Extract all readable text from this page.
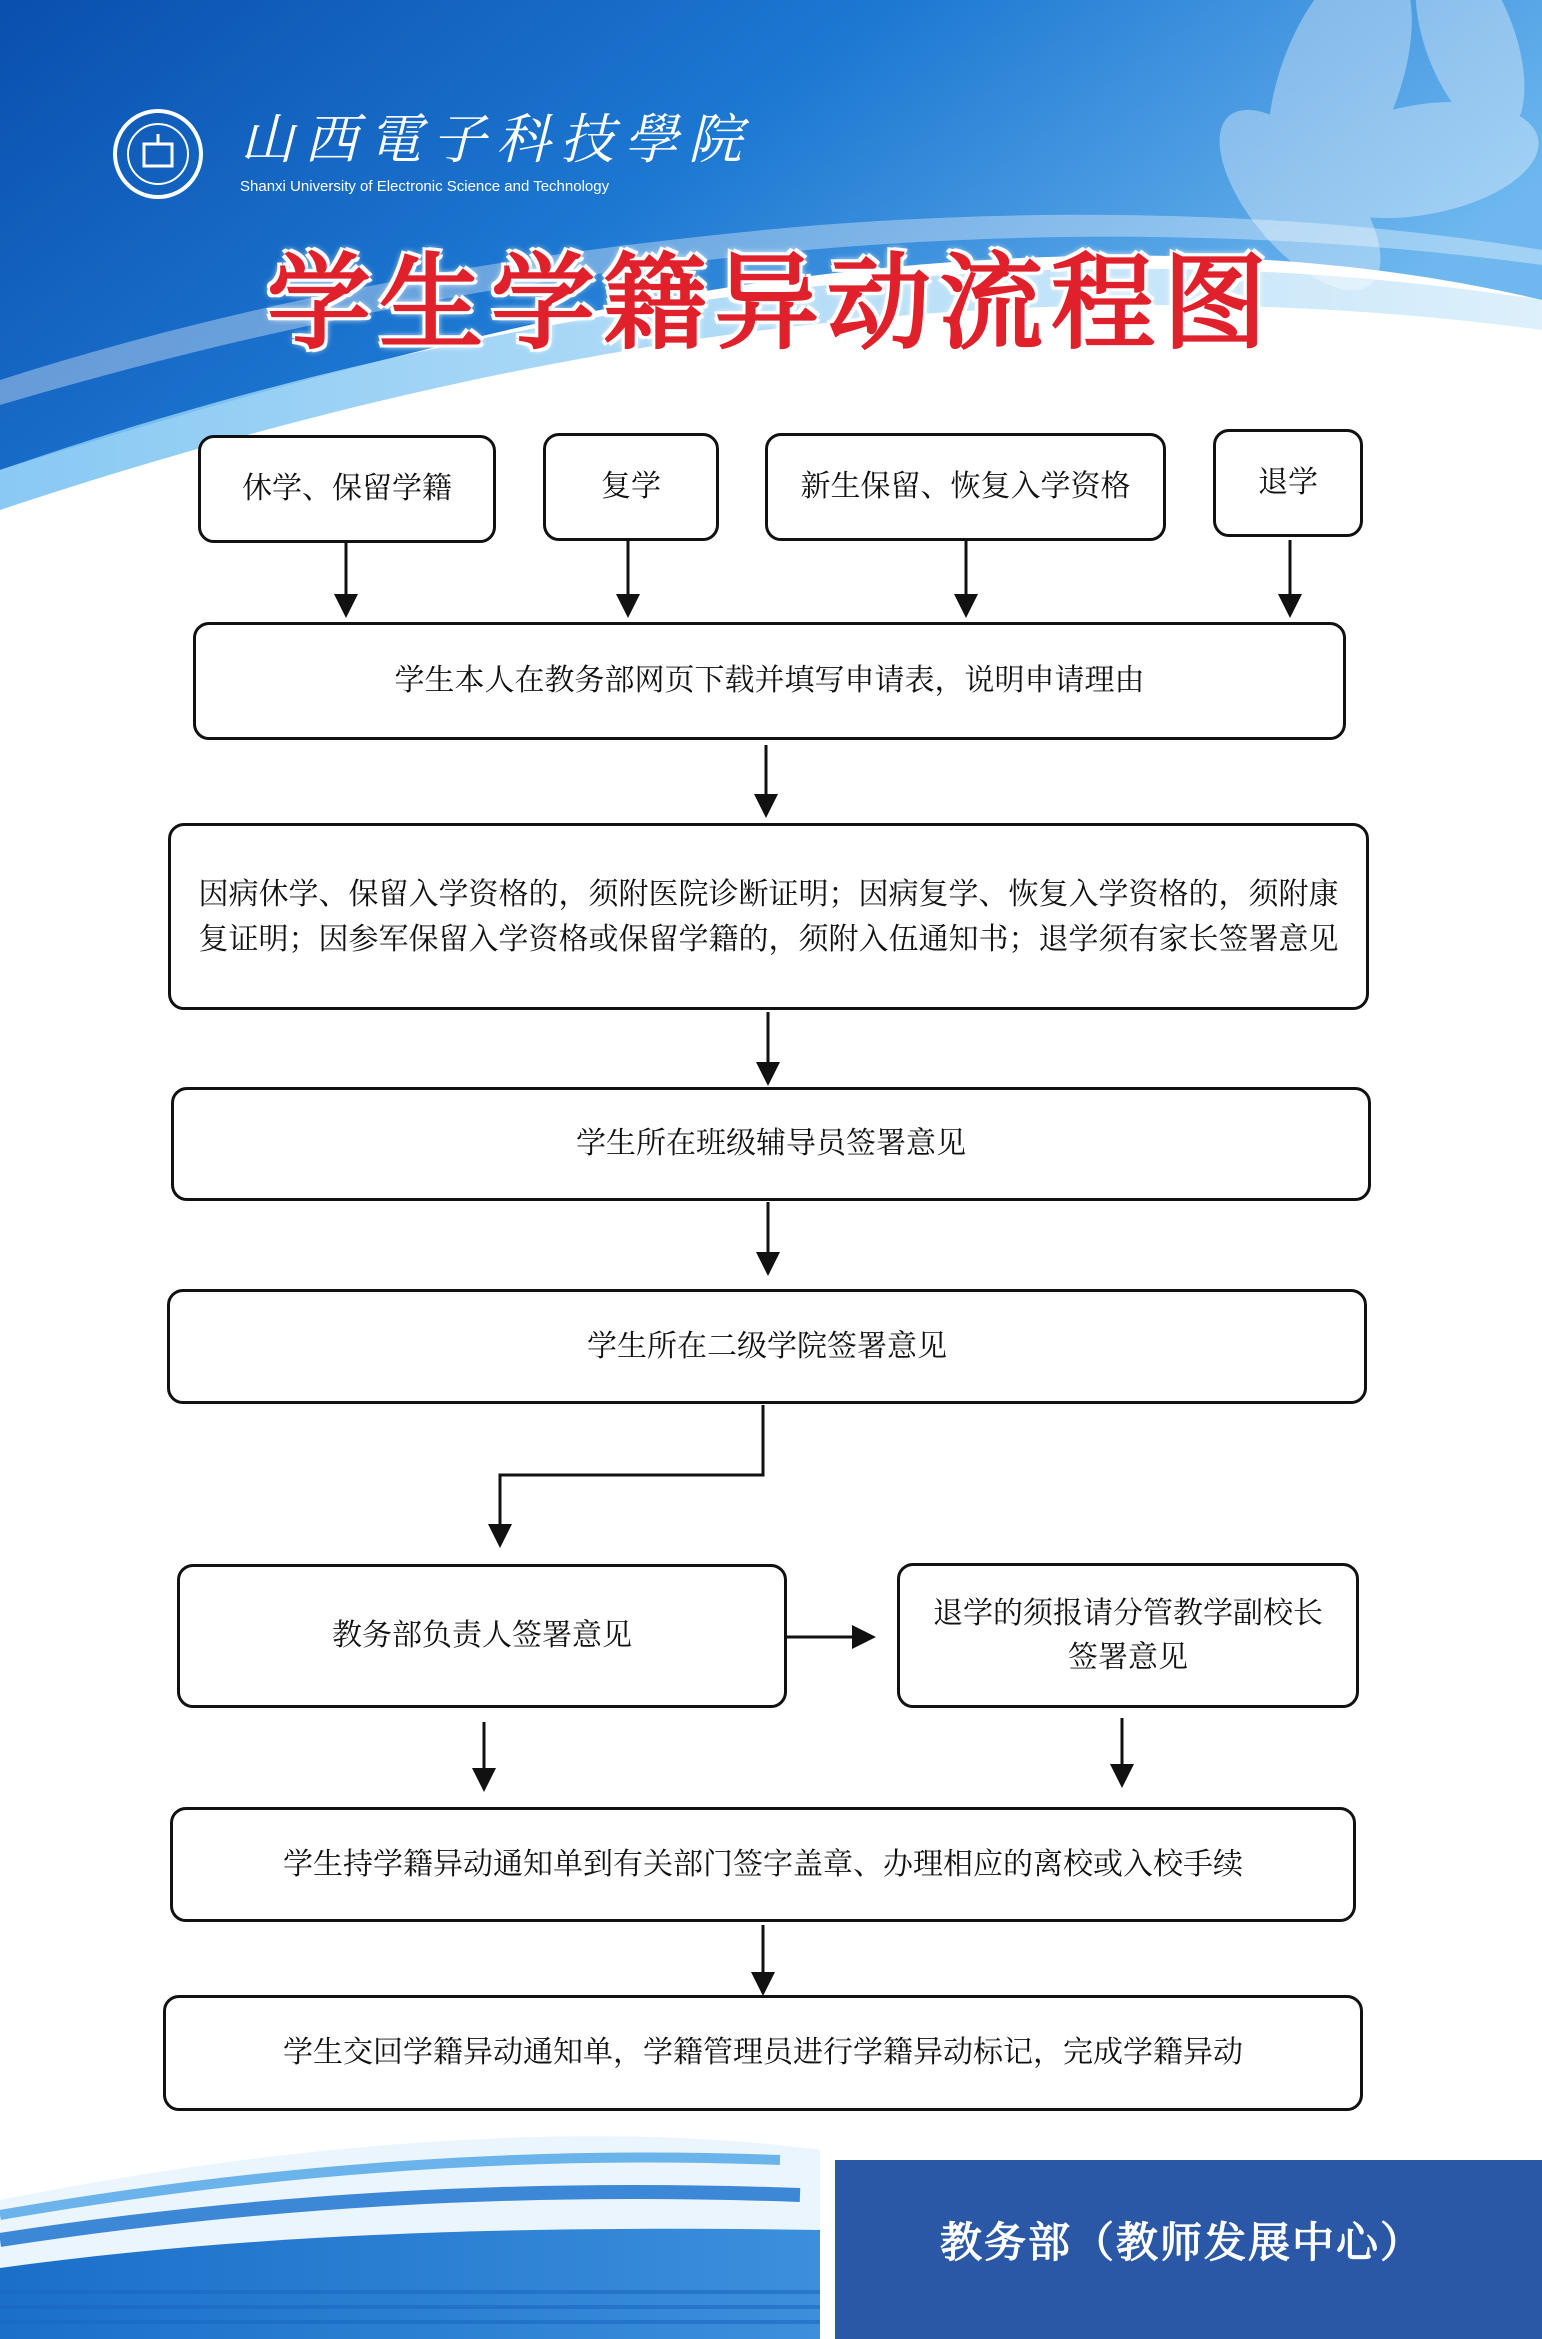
山西電子科技學院
Shanxi University of Electronic Science and Technology
学生学籍异动流程图
休学、保留学籍	复学	新生保留、恢复入学资格	退学
学生本人在教务部网页下载并填写申请表，说明申请理由
因病休学、保留入学资格的，须附医院诊断证明；因病复学、恢复入学资格的，须附康复证明；因参军保留入学资格或保留学籍的，须附入伍通知书；退学须有家长签署意见
学生所在班级辅导员签署意见
学生所在二级学院签署意见
教务部负责人签署意见
退学的须报请分管教学副校长签署意见
学生持学籍异动通知单到有关部门签字盖章、办理相应的离校或入校手续
学生交回学籍异动通知单，学籍管理员进行学籍异动标记，完成学籍异动
教务部（教师发展中心）
